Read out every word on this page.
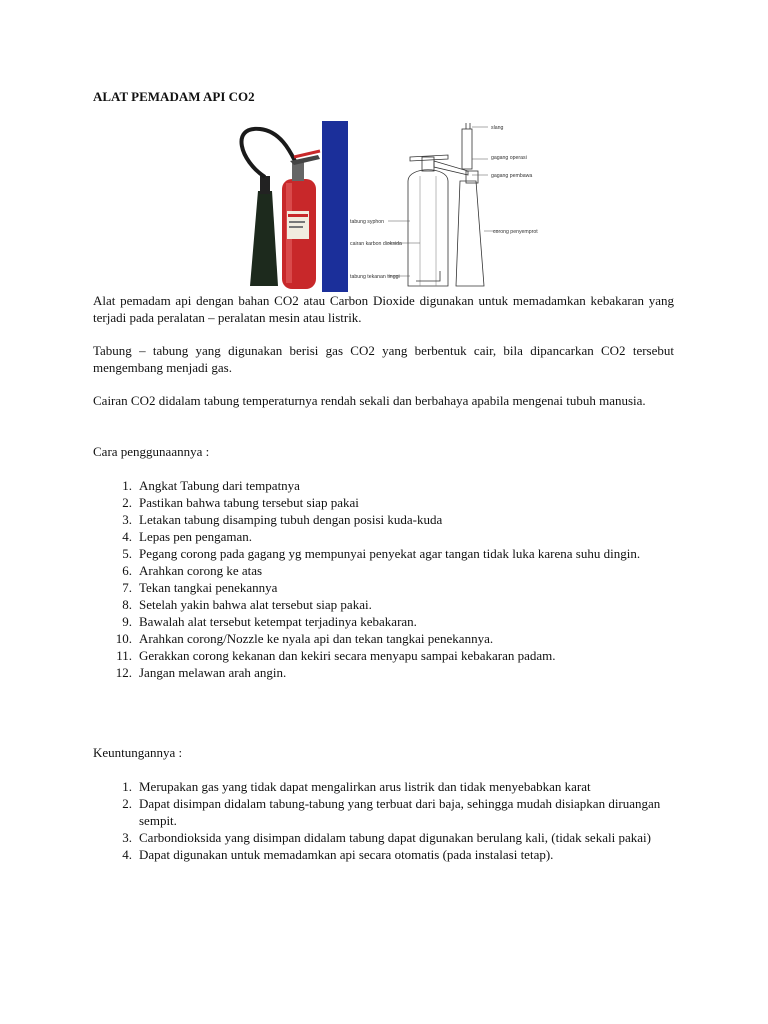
ALAT PEMADAM API CO2
slang
gagang operasi
gagang pembawa
tabung syphon
cairan karbon dioksida
corong penyemprot
tabung tekanan tinggi
Alat pemadam api dengan bahan CO2 atau Carbon Dioxide digunakan untuk memadamkan kebakaran yang terjadi pada peralatan – peralatan mesin atau listrik.
Tabung – tabung yang digunakan berisi gas CO2 yang berbentuk cair, bila dipancarkan CO2 tersebut mengembang menjadi gas.
Cairan CO2 didalam tabung temperaturnya rendah sekali dan berbahaya apabila mengenai tubuh manusia.
Cara penggunaannya :
1. Angkat Tabung dari tempatnya
2. Pastikan bahwa tabung tersebut siap pakai
3. Letakan tabung disamping tubuh dengan posisi kuda-kuda
4. Lepas pen pengaman.
5. Pegang corong pada gagang yg mempunyai penyekat agar tangan tidak luka karena suhu dingin.
6. Arahkan corong ke atas
7. Tekan tangkai penekannya
8. Setelah yakin bahwa alat tersebut siap pakai.
9. Bawalah alat tersebut ketempat terjadinya kebakaran.
10. Arahkan corong/Nozzle ke nyala api dan tekan tangkai penekannya.
11. Gerakkan corong kekanan dan kekiri secara menyapu sampai kebakaran padam.
12. Jangan melawan arah angin.
Keuntungannya :
1. Merupakan gas yang tidak dapat mengalirkan arus listrik dan tidak menyebabkan karat
2. Dapat disimpan didalam tabung-tabung yang terbuat dari baja, sehingga mudah disiapkan diruangan sempit.
3. Carbondioksida yang disimpan didalam tabung dapat digunakan berulang kali, (tidak sekali pakai)
4. Dapat digunakan untuk memadamkan api secara otomatis (pada instalasi tetap).
